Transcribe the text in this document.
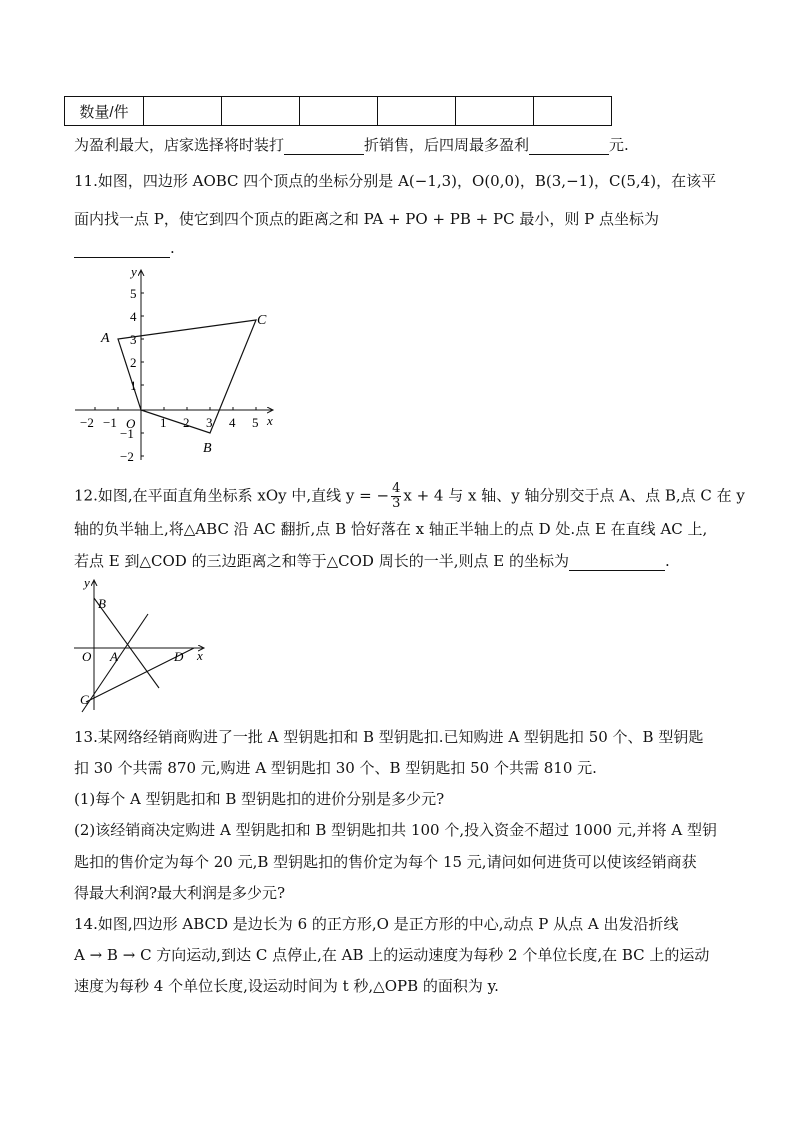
数量/件						
为盈利最大，店家选择将时装打	折销售，后四周最多盈利	元.
11.如图，四边形 AOBC 四个顶点的坐标分别是 A(−1,3)，O(0,0)，B(3,−1)，C(5,4)，在该平
面内找一点 P，使它到四个顶点的距离之和 PA + PO + PB + PC 最小，则 P 点坐标为
.
−2 −1 O 1 2 3 4 5 x
y
5
4
3
2
1
−1
−2
A
B
C
12.如图,在平面直角坐标系 xOy 中,直线 y = − $\frac{4}{3}$ x + 4 与 x 轴、y 轴分别交于点 A、点 B,点 C 在 y
轴的负半轴上,将△ABC 沿 AC 翻折,点 B 恰好落在 x 轴正半轴上的点 D 处.点 E 在直线 AC 上,
若点 E 到△COD 的三边距离之和等于△COD 周长的一半,则点 E 的坐标为	.
y
B
O A	D x
C
13.某网络经销商购进了一批 A 型钥匙扣和 B 型钥匙扣.已知购进 A 型钥匙扣 50 个、B 型钥匙
扣 30 个共需 870 元,购进 A 型钥匙扣 30 个、B 型钥匙扣 50 个共需 810 元.
(1)每个 A 型钥匙扣和 B 型钥匙扣的进价分别是多少元?
(2)该经销商决定购进 A 型钥匙扣和 B 型钥匙扣共 100 个,投入资金不超过 1000 元,并将 A 型钥
匙扣的售价定为每个 20 元,B 型钥匙扣的售价定为每个 15 元,请问如何进货可以使该经销商获
得最大利润?最大利润是多少元?
14.如图,四边形 ABCD 是边长为 6 的正方形,O 是正方形的中心,动点 P 从点 A 出发沿折线
A → B → C 方向运动,到达 C 点停止,在 AB 上的运动速度为每秒 2 个单位长度,在 BC 上的运动
速度为每秒 4 个单位长度,设运动时间为 t 秒,△OPB 的面积为 y.
